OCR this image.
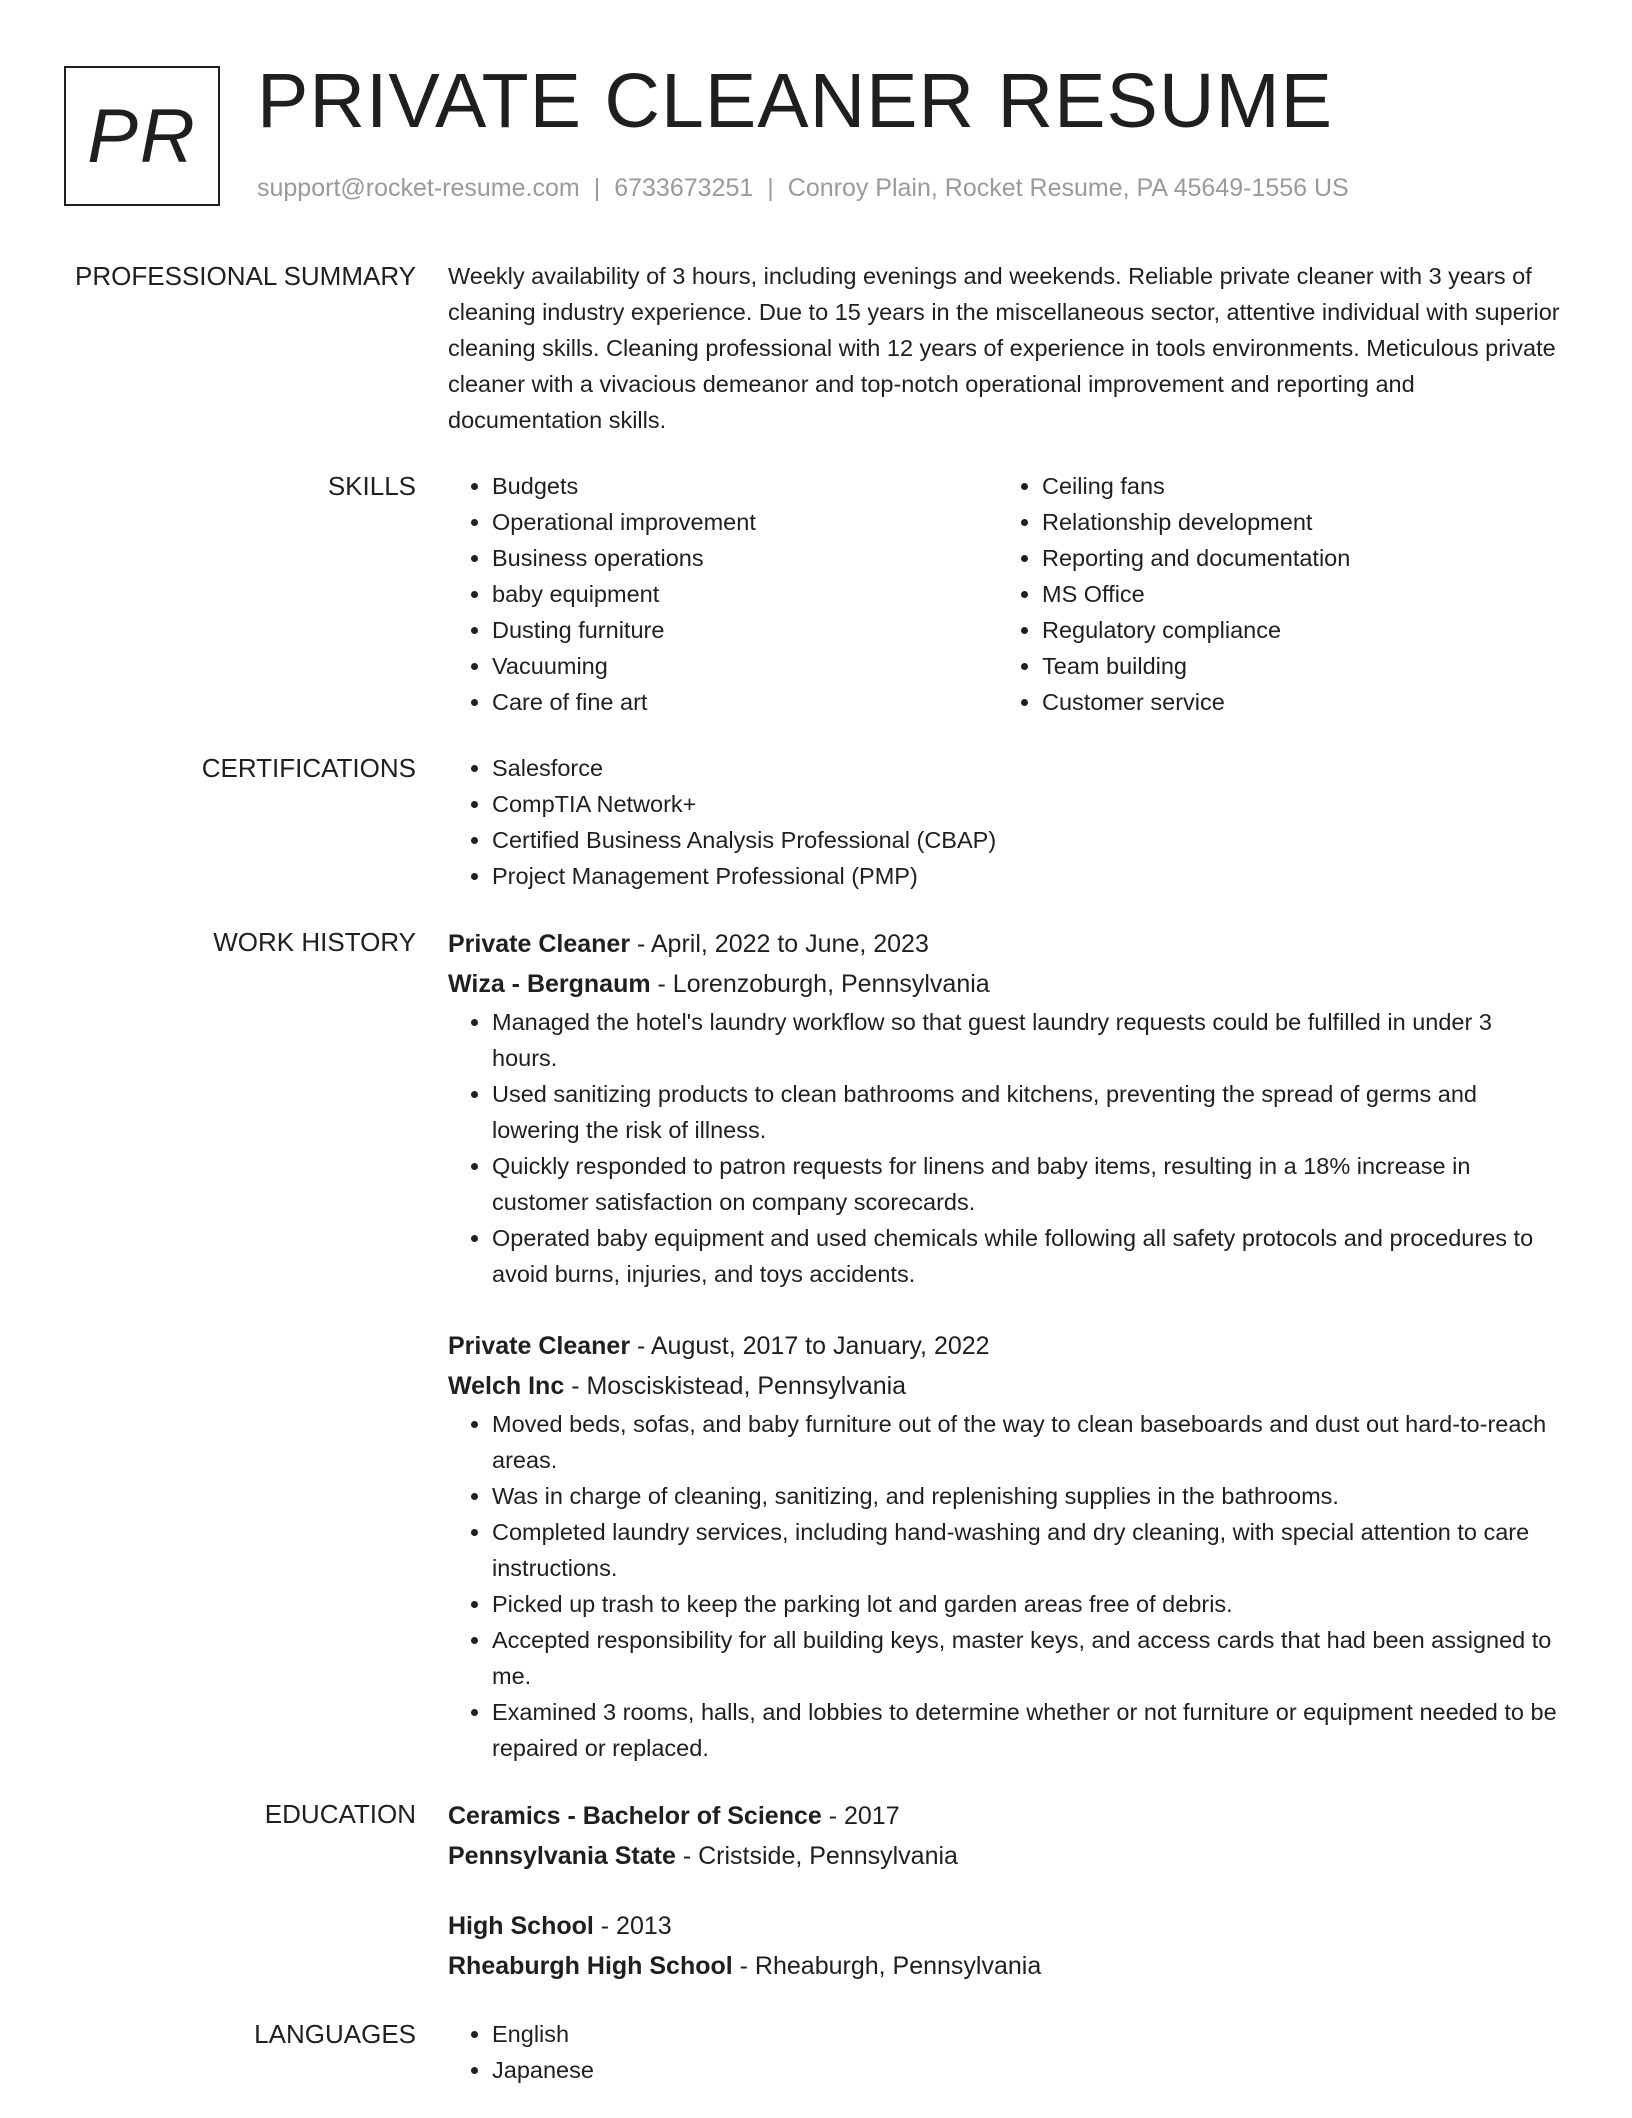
PR PRIVATE CLEANER RESUME
support@rocket-resume.com | 6733673251 | Conroy Plain, Rocket Resume, PA 45649-1556 US
PROFESSIONAL SUMMARY Weekly availability of 3 hours, including evenings and weekends. Reliable private cleaner with 3 years of cleaning industry experience. Due to 15 years in the miscellaneous sector, attentive individual with superior cleaning skills. Cleaning professional with 12 years of experience in tools environments. Meticulous private cleaner with a vivacious demeanor and top-notch operational improvement and reporting and documentation skills.

SKILLS	• Budgets
• Operational improvement
• Business operations
• baby equipment
• Dusting furniture
• Vacuuming
• Care of fine art
• Ceiling fans
• Relationship development
• Reporting and documentation
• MS Office
• Regulatory compliance
• Team building
• Customer service
CERTIFICATIONS	• Salesforce
• CompTIA Network+
• Certified Business Analysis Professional (CBAP)
• Project Management Professional (PMP)
WORK HISTORY Private Cleaner - April, 2022 to June, 2023
Wiza - Bergnaum - Lorenzoburgh, Pennsylvania
• Managed the hotel's laundry workflow so that guest laundry requests could be fulfilled in under 3 hours.
• Used sanitizing products to clean bathrooms and kitchens, preventing the spread of germs and lowering the risk of illness.
• Quickly responded to patron requests for linens and baby items, resulting in a 18% increase in customer satisfaction on company scorecards.
• Operated baby equipment and used chemicals while following all safety protocols and procedures to avoid burns, injuries, and toys accidents.
Private Cleaner - August, 2017 to January, 2022
Welch Inc - Mosciskistead, Pennsylvania
• Moved beds, sofas, and baby furniture out of the way to clean baseboards and dust out hard-to-reach areas.
• Was in charge of cleaning, sanitizing, and replenishing supplies in the bathrooms.
• Completed laundry services, including hand-washing and dry cleaning, with special attention to care instructions.
• Picked up trash to keep the parking lot and garden areas free of debris.
• Accepted responsibility for all building keys, master keys, and access cards that had been assigned to me.
• Examined 3 rooms, halls, and lobbies to determine whether or not furniture or equipment needed to be repaired or replaced.
EDUCATION Ceramics - Bachelor of Science - 2017
Pennsylvania State - Cristside, Pennsylvania
High School - 2013
Rheaburgh High School - Rheaburgh, Pennsylvania
LANGUAGES	• English
• Japanese
